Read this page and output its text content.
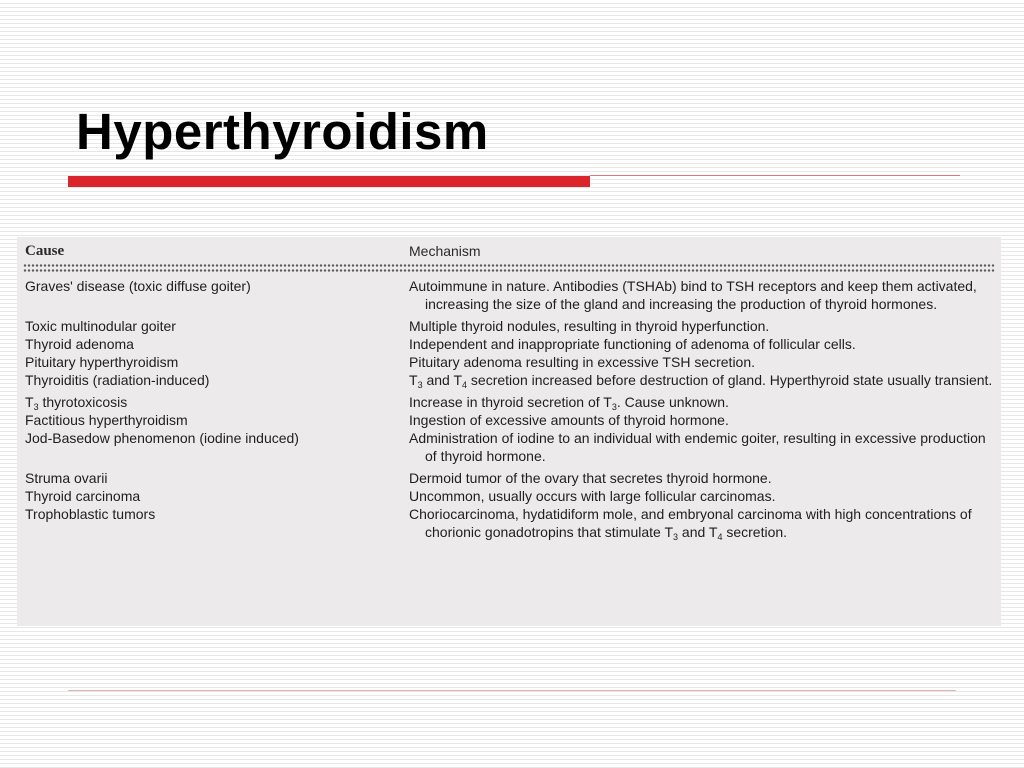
Hyperthyroidism
Cause	Mechanism
Graves' disease (toxic diffuse goiter)	Autoimmune in nature. Antibodies (TSHAb) bind to TSH receptors and keep them activated, increasing the size of the gland and increasing the production of thyroid hormones.
Toxic multinodular goiter	Multiple thyroid nodules, resulting in thyroid hyperfunction.
Thyroid adenoma	Independent and inappropriate functioning of adenoma of follicular cells.
Pituitary hyperthyroidism	Pituitary adenoma resulting in excessive TSH secretion.
Thyroiditis (radiation-induced)	$T_3$ and $T_4$ secretion increased before destruction of gland. Hyperthyroid state usually transient.
$T_3$ thyrotoxicosis	Increase in thyroid secretion of $T_3$. Cause unknown.
Factitious hyperthyroidism	Ingestion of excessive amounts of thyroid hormone.
Jod-Basedow phenomenon (iodine induced)	Administration of iodine to an individual with endemic goiter, resulting in excessive production of thyroid hormone.
Struma ovarii	Dermoid tumor of the ovary that secretes thyroid hormone.
Thyroid carcinoma	Uncommon, usually occurs with large follicular carcinomas.
Trophoblastic tumors	Choriocarcinoma, hydatidiform mole, and embryonal carcinoma with high concentrations of chorionic gonadotropins that stimulate $T_3$ and $T_4$ secretion.
